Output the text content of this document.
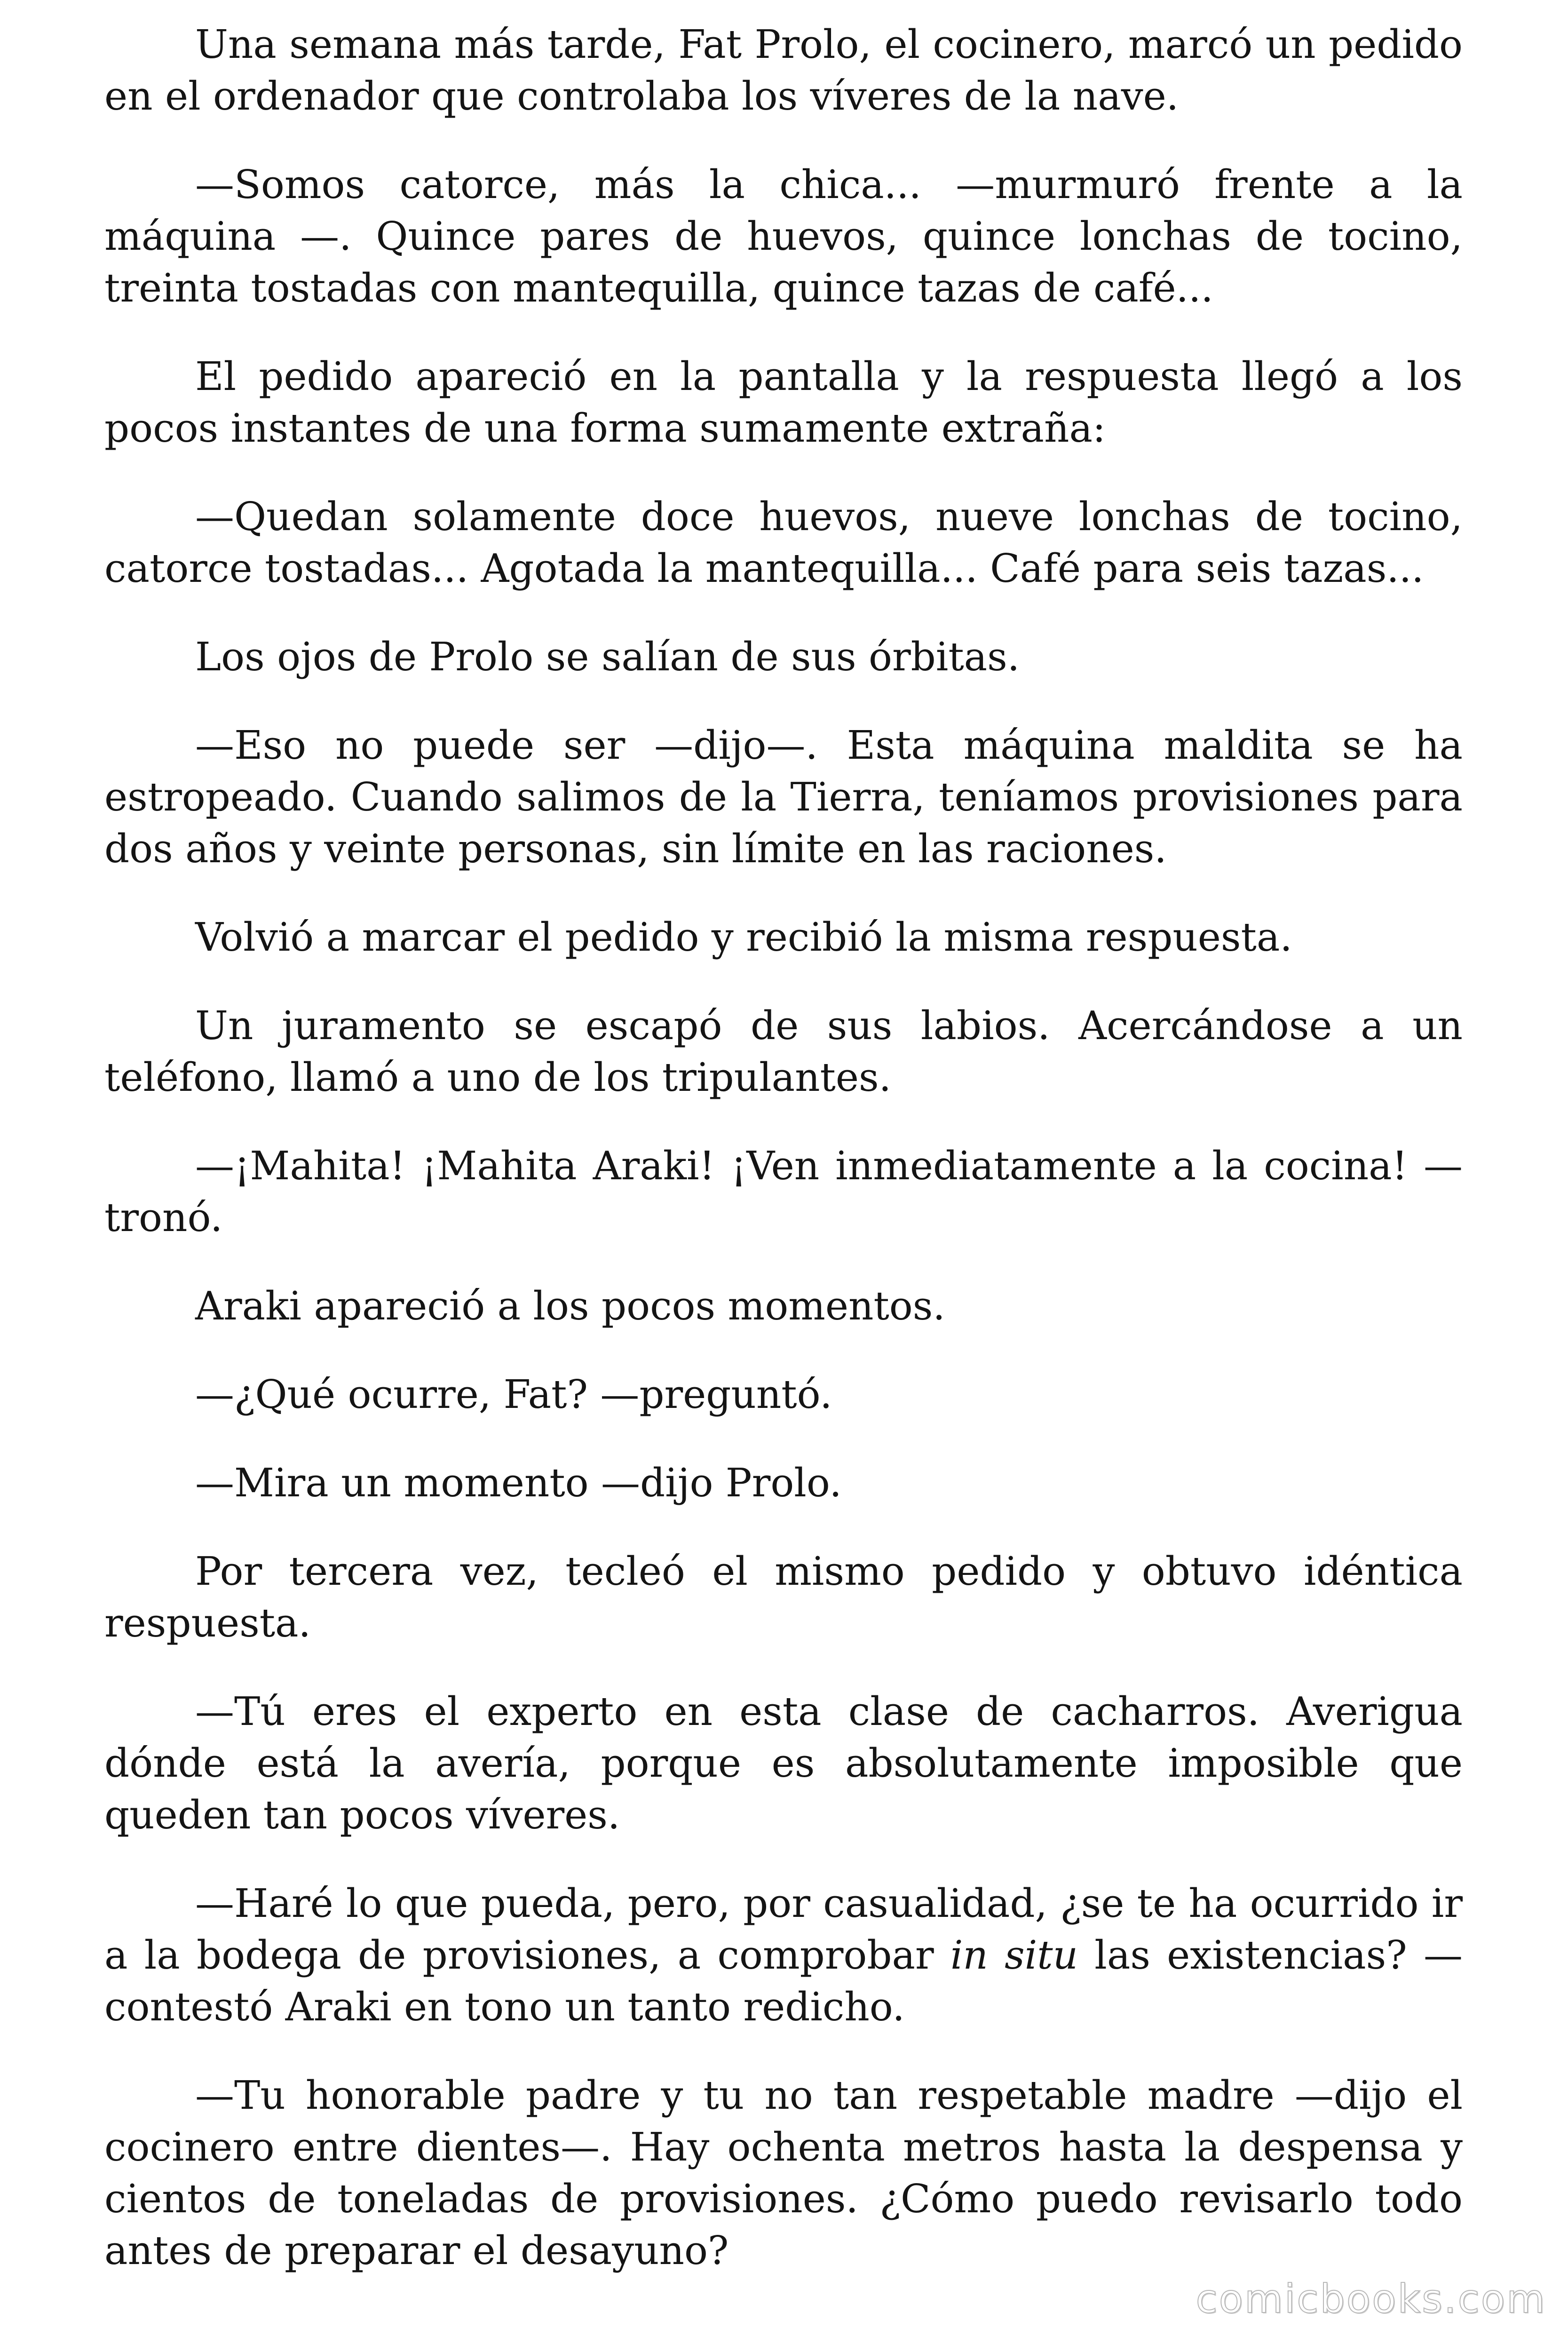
Una semana más tarde, Fat Prolo, el cocinero, marcó un pedido en el ordenador que controlaba los víveres de la nave.

—Somos catorce, más la chica... —murmuró frente a la máquina —. Quince pares de huevos, quince lonchas de tocino, treinta tostadas con mantequilla, quince tazas de café...

El pedido apareció en la pantalla y la respuesta llegó a los pocos instantes de una forma sumamente extraña:

—Quedan solamente doce huevos, nueve lonchas de tocino, catorce tostadas... Agotada la mantequilla... Café para seis tazas...

Los ojos de Prolo se salían de sus órbitas.

—Eso no puede ser —dijo—. Esta máquina maldita se ha estropeado. Cuando salimos de la Tierra, teníamos provisiones para dos años y veinte personas, sin límite en las raciones.

Volvió a marcar el pedido y recibió la misma respuesta.

Un juramento se escapó de sus labios. Acercándose a un teléfono, llamó a uno de los tripulantes.

—¡Mahita! ¡Mahita Araki! ¡Ven inmediatamente a la cocina! —tronó.

Araki apareció a los pocos momentos.

—¿Qué ocurre, Fat? —preguntó.

—Mira un momento —dijo Prolo.

Por tercera vez, tecleó el mismo pedido y obtuvo idéntica respuesta.

—Tú eres el experto en esta clase de cacharros. Averigua dónde está la avería, porque es absolutamente imposible que queden tan pocos víveres.

—Haré lo que pueda, pero, por casualidad, ¿se te ha ocurrido ir a la bodega de provisiones, a comprobar in situ las existencias? —contestó Araki en tono un tanto redicho.

—Tu honorable padre y tu no tan respetable madre —dijo el cocinero entre dientes—. Hay ochenta metros hasta la despensa y cientos de toneladas de provisiones. ¿Cómo puedo revisarlo todo antes de preparar el desayuno?

comicbooks.com
